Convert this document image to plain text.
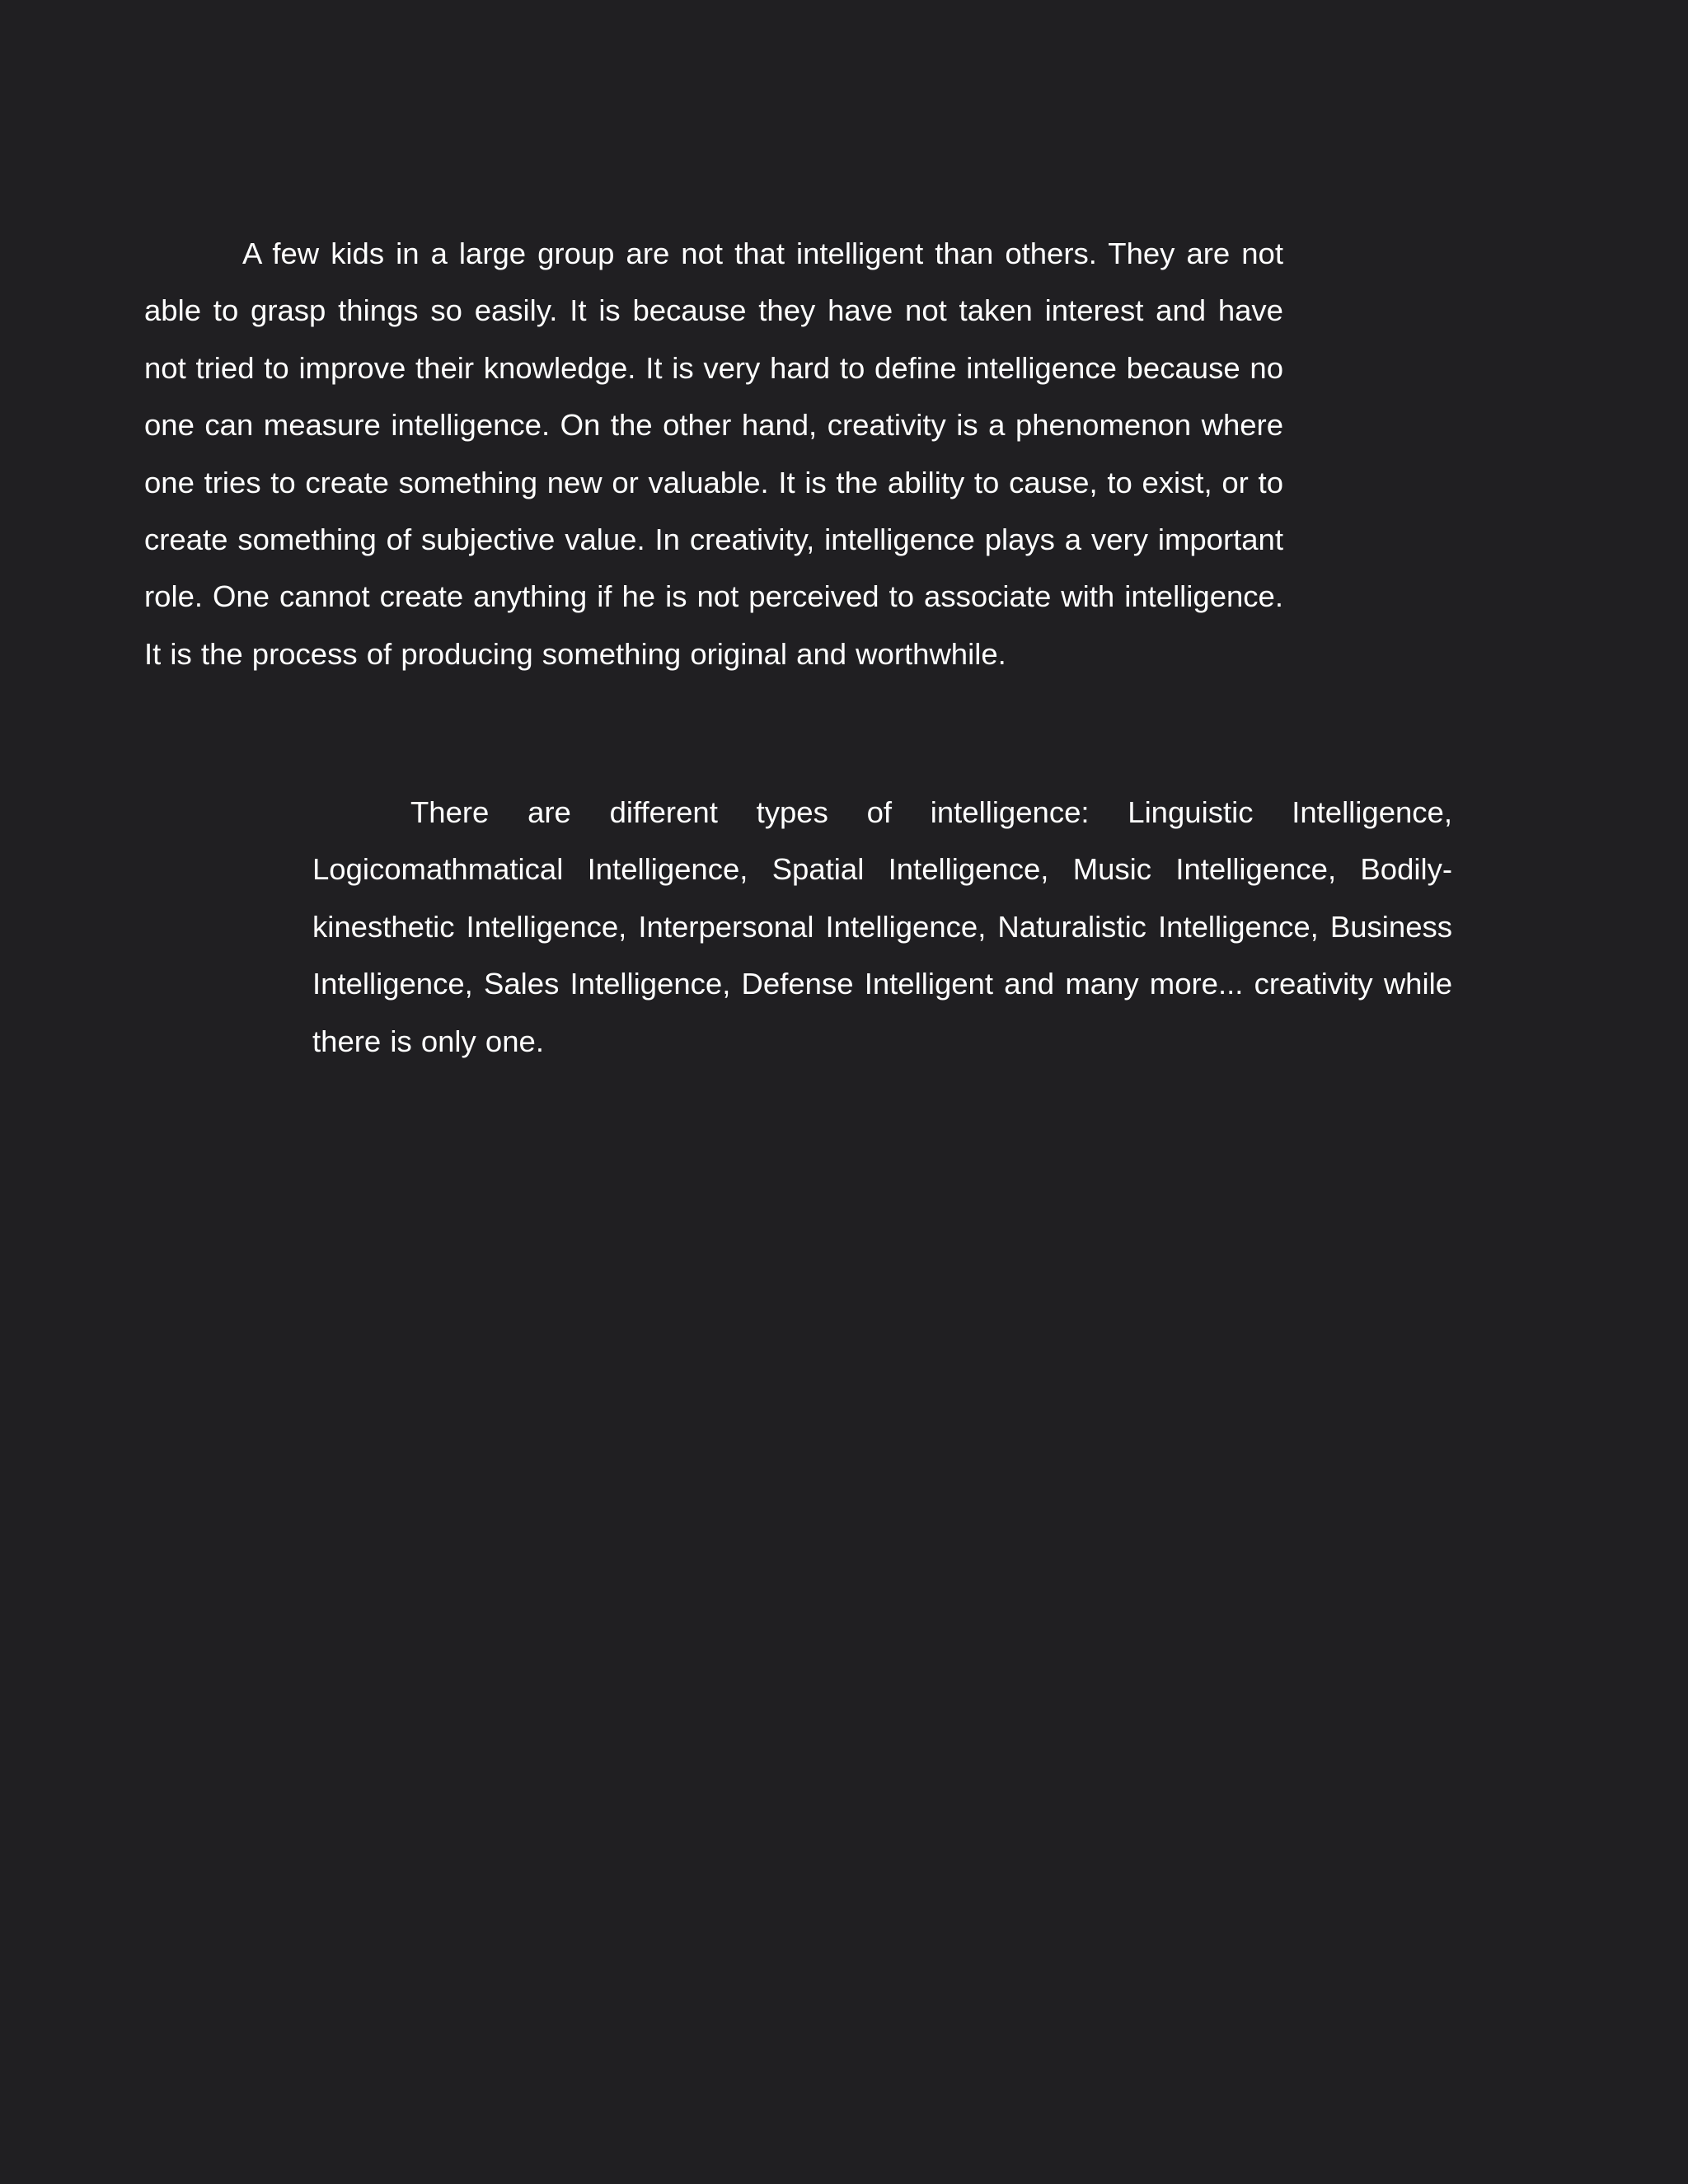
A few kids in a large group are not that intelligent than others. They are not able to grasp things so easily. It is because they have not taken interest and have not tried to improve their knowledge. It is very hard to define intelligence because no one can measure intelligence. On the other hand, creativity is a phenomenon where one tries to create something new or valuable. It is the ability to cause, to exist, or to create something of subjective value. In creativity, intelligence plays a very important role. One cannot create anything if he is not perceived to associate with intelligence. It is the process of producing something original and worthwhile.

There are different types of intelligence: Linguistic Intelligence, Logicomathmatical Intelligence, Spatial Intelligence, Music Intelligence, Bodily-kinesthetic Intelligence, Interpersonal Intelligence, Naturalistic Intelligence, Business Intelligence, Sales Intelligence, Defense Intelligent and many more... creativity while there is only one.
